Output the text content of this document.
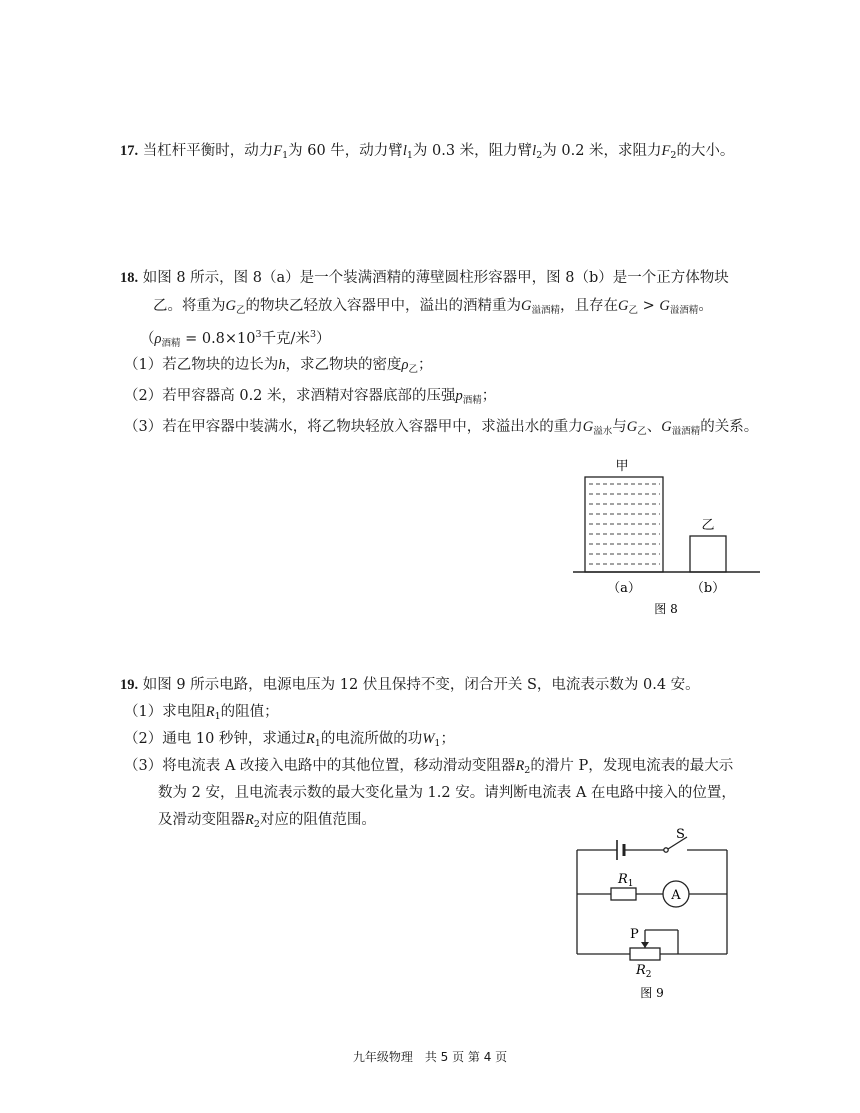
17. 当杠杆平衡时，动力$F_1$为 60 牛，动力臂$l_1$为 0.3 米，阻力臂$l_2$为 0.2 米，求阻力$F_2$的大小。
18. 如图 8 所示，图 8（a）是一个装满酒精的薄壁圆柱形容器甲，图 8（b）是一个正方体物块
乙。将重为$G_乙$的物块乙轻放入容器甲中，溢出的酒精重为$G_{溢酒精}$，且存在$G_乙 > G_{溢酒精}$。
（$\rho_{酒精} = 0.8\times 10^3$千克/米$^3$）
（1）若乙物块的边长为h，求乙物块的密度$\rho_乙$；
（2）若甲容器高 0.2 米，求酒精对容器底部的压强$p_{酒精}$；
（3）若在甲容器中装满水，将乙物块轻放入容器甲中，求溢出水的重力$G_{溢水}$与$G_乙$、$G_{溢酒精}$的关系。
甲
乙
（a）	（b）
图 8
19. 如图 9 所示电路，电源电压为 12 伏且保持不变，闭合开关 S，电流表示数为 0.4 安。
（1）求电阻$R_1$的阻值；
（2）通电 10 秒钟，求通过$R_1$的电流所做的功$W_1$；
（3）将电流表 A 改接入电路中的其他位置，移动滑动变阻器$R_2$的滑片 P，发现电流表的最大示
数为 2 安，且电流表示数的最大变化量为 1.2 安。请判断电流表 A 在电路中接入的位置，
及滑动变阻器$R_2$对应的阻值范围。
S
$R_1$
A
P
$R_2$
图 9
九年级物理　共 5 页 第 4 页
